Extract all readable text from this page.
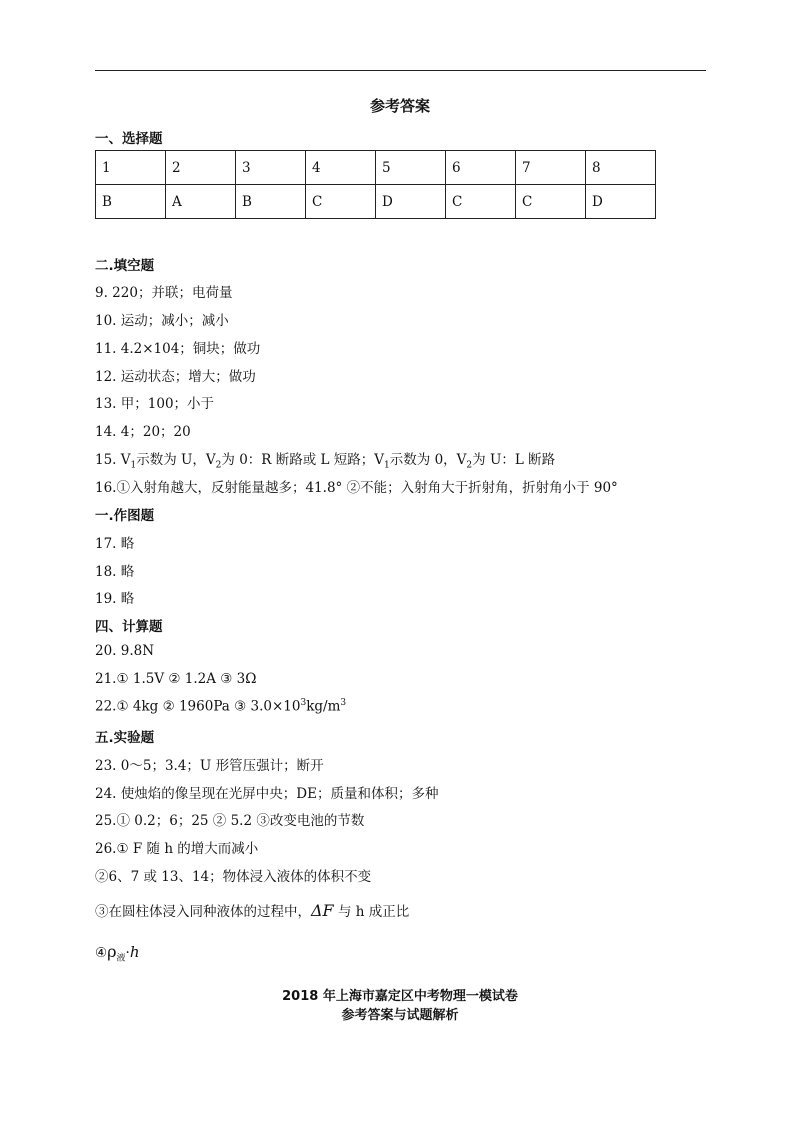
参考答案
一、选择题
1	2	3	4	5	6	7	8
B	A	B	C	D	C	C	D
二.填空题
9. 220；并联；电荷量
10. 运动；减小；减小
11. 4.2×104；铜块；做功
12. 运动状态；增大；做功
13. 甲；100；小于
14. 4；20；20
15. $V_1$示数为 U，$V_2$为 0：R 断路或 L 短路；$V_1$示数为 0，$V_2$为 U：L 断路
16.①入射角越大，反射能量越多；41.8° ②不能；入射角大于折射角，折射角小于 90°
一.作图题
17. 略
18. 略
19. 略
四、计算题
20. 9.8N
21.① 1.5V ② 1.2A ③ 3Ω
22.① 4kg ② 1960Pa ③ $3.0\times 10^3kg/m^3$
五.实验题
23. 0～5；3.4；U 形管压强计；断开
24. 使烛焰的像呈现在光屏中央；DE；质量和体积；多种
25.① 0.2；6；25 ② 5.2 ③改变电池的节数
26.① F 随 h 的增大而减小
②6、7 或 13、14；物体浸入液体的体积不变
③在圆柱体浸入同种液体的过程中，ΔF 与 h 成正比
$④\rho_液\cdot h$
2018 年上海市嘉定区中考物理一模试卷
参考答案与试题解析
